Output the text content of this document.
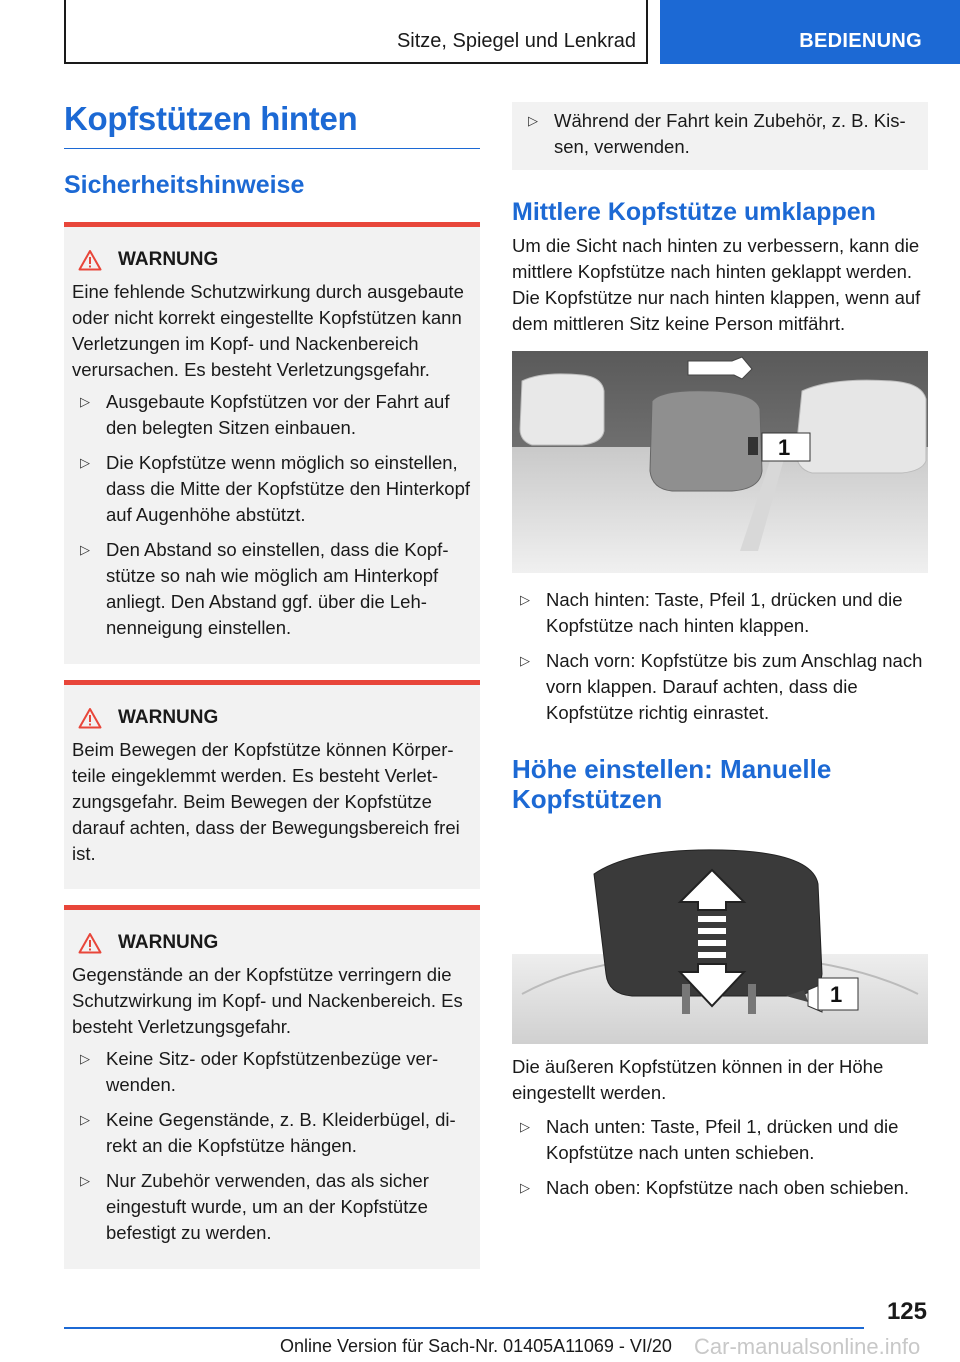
Sitze, Spiegel und Lenkrad	BEDIENUNG
Kopfstützen hinten
Sicherheitshinweise
WARNUNG

Eine fehlende Schutzwirkung durch ausgebaute oder nicht korrekt eingestellte Kopfstützen kann Verletzungen im Kopf- und Nackenbereich verursachen. Es besteht Verletzungsgefahr.

▷ Ausgebaute Kopfstützen vor der Fahrt auf den belegten Sitzen einbauen.
▷ Die Kopfstütze wenn möglich so einstellen, dass die Mitte der Kopfstütze den Hinterkopf auf Augenhöhe abstützt.
▷ Den Abstand so einstellen, dass die Kopfstütze so nah wie möglich am Hinterkopf anliegt. Den Abstand ggf. über die Lehnenneigung einstellen.
WARNUNG

Beim Bewegen der Kopfstütze können Körperteile eingeklemmt werden. Es besteht Verletzungsgefahr. Beim Bewegen der Kopfstütze darauf achten, dass der Bewegungsbereich frei ist.

WARNUNG

Gegenstände an der Kopfstütze verringern die Schutzwirkung im Kopf- und Nackenbereich. Es besteht Verletzungsgefahr.

▷ Keine Sitz- oder Kopfstützenbezüge verwenden.
▷ Keine Gegenstände, z. B. Kleiderbügel, direkt an die Kopfstütze hängen.
▷ Nur Zubehör verwenden, das als sicher eingestuft wurde, um an der Kopfstütze befestigt zu werden.
▷ Während der Fahrt kein Zubehör, z. B. Kissen, verwenden.
Mittlere Kopfstütze umklappen

Um die Sicht nach hinten zu verbessern, kann die mittlere Kopfstütze nach hinten geklappt werden. Die Kopfstütze nur nach hinten klappen, wenn auf dem mittleren Sitz keine Person mitfährt.

1
▷ Nach hinten: Taste, Pfeil 1, drücken und die Kopfstütze nach hinten klappen.
▷ Nach vorn: Kopfstütze bis zum Anschlag nach vorn klappen. Darauf achten, dass die Kopfstütze richtig einrastet.
Höhe einstellen: Manuelle Kopfstützen
1

Die äußeren Kopfstützen können in der Höhe eingestellt werden.

▷ Nach unten: Taste, Pfeil 1, drücken und die Kopfstütze nach unten schieben.
▷ Nach oben: Kopfstütze nach oben schieben.
125
Online Version für Sach-Nr. 01405A11069 - VI/20 Car-manualsonline.info
